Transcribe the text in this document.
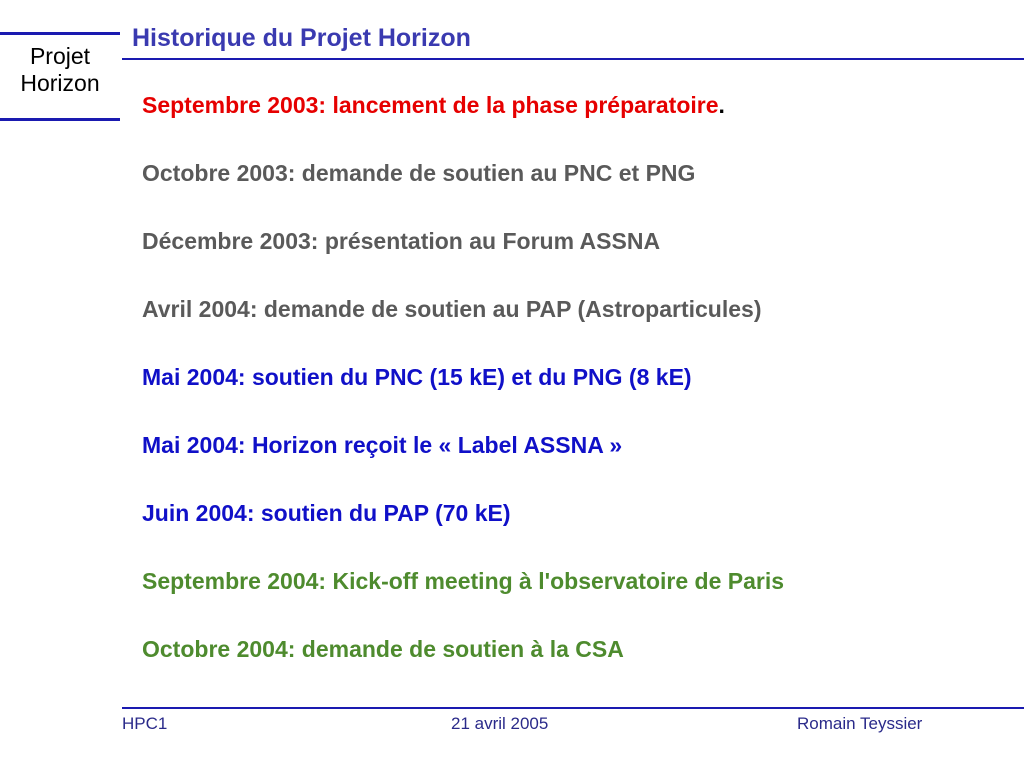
Projet
Horizon
Historique du Projet Horizon
Septembre 2003: lancement de la phase préparatoire.
Octobre 2003: demande de soutien au PNC et PNG
Décembre 2003: présentation au Forum ASSNA
Avril 2004: demande de soutien au PAP (Astroparticules)
Mai 2004: soutien du PNC (15 kE) et du PNG (8 kE)
Mai 2004: Horizon reçoit le « Label ASSNA »
Juin 2004: soutien du PAP (70 kE)
Septembre 2004: Kick-off meeting à l'observatoire de Paris
Octobre 2004: demande de soutien à la CSA
HPC1	21 avril 2005	Romain Teyssier
